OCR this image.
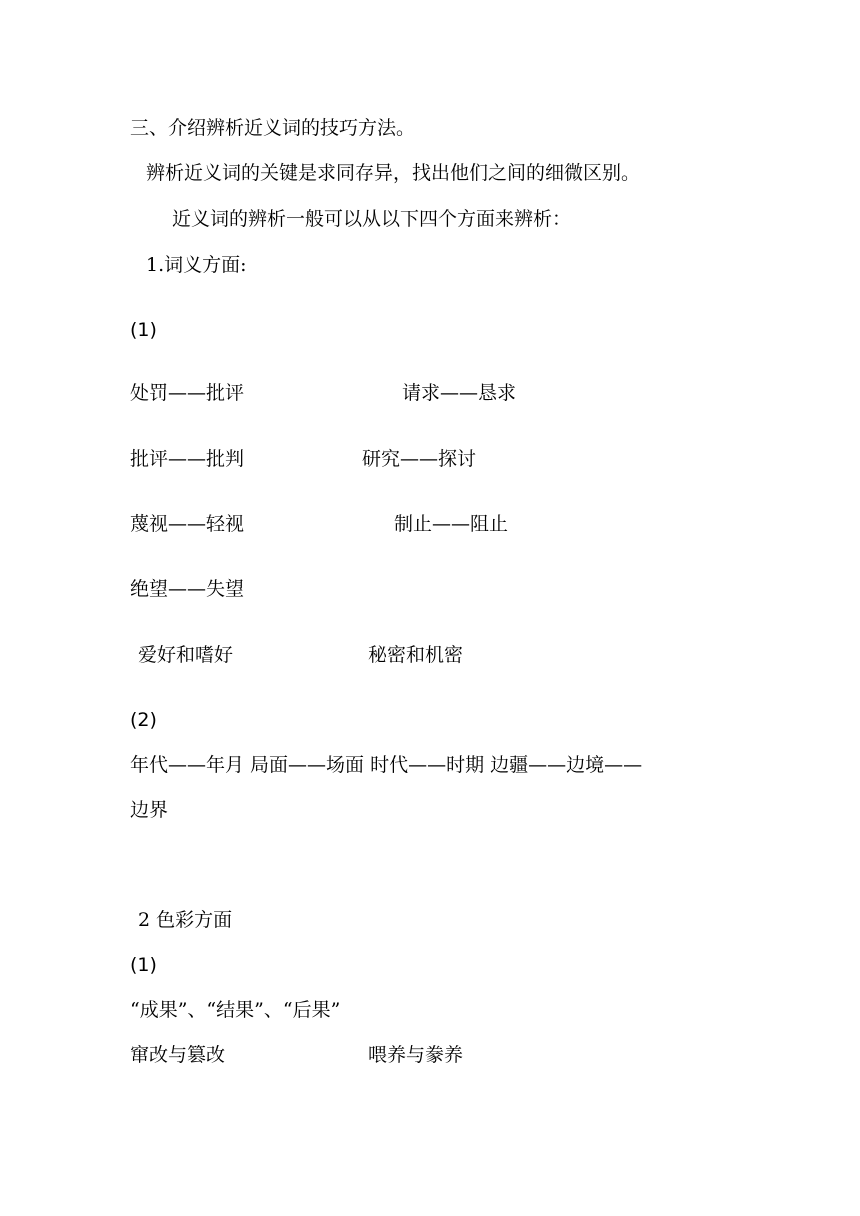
三、介绍辨析近义词的技巧方法。
辨析近义词的关键是求同存异，找出他们之间的细微区别。
近义词的辨析一般可以从以下四个方面来辨析：
1.词义方面:
(1)
处罚——批评	请求——恳求
批评——批判	研究——探讨
蔑视——轻视	制止——阻止
绝望——失望
爱好和嗜好	秘密和机密
(2)
年代——年月 局面——场面 时代——时期 边疆——边境——
边界
2 色彩方面
(1)
“成果”、“结果”、“后果”
窜改与篡改	喂养与豢养
